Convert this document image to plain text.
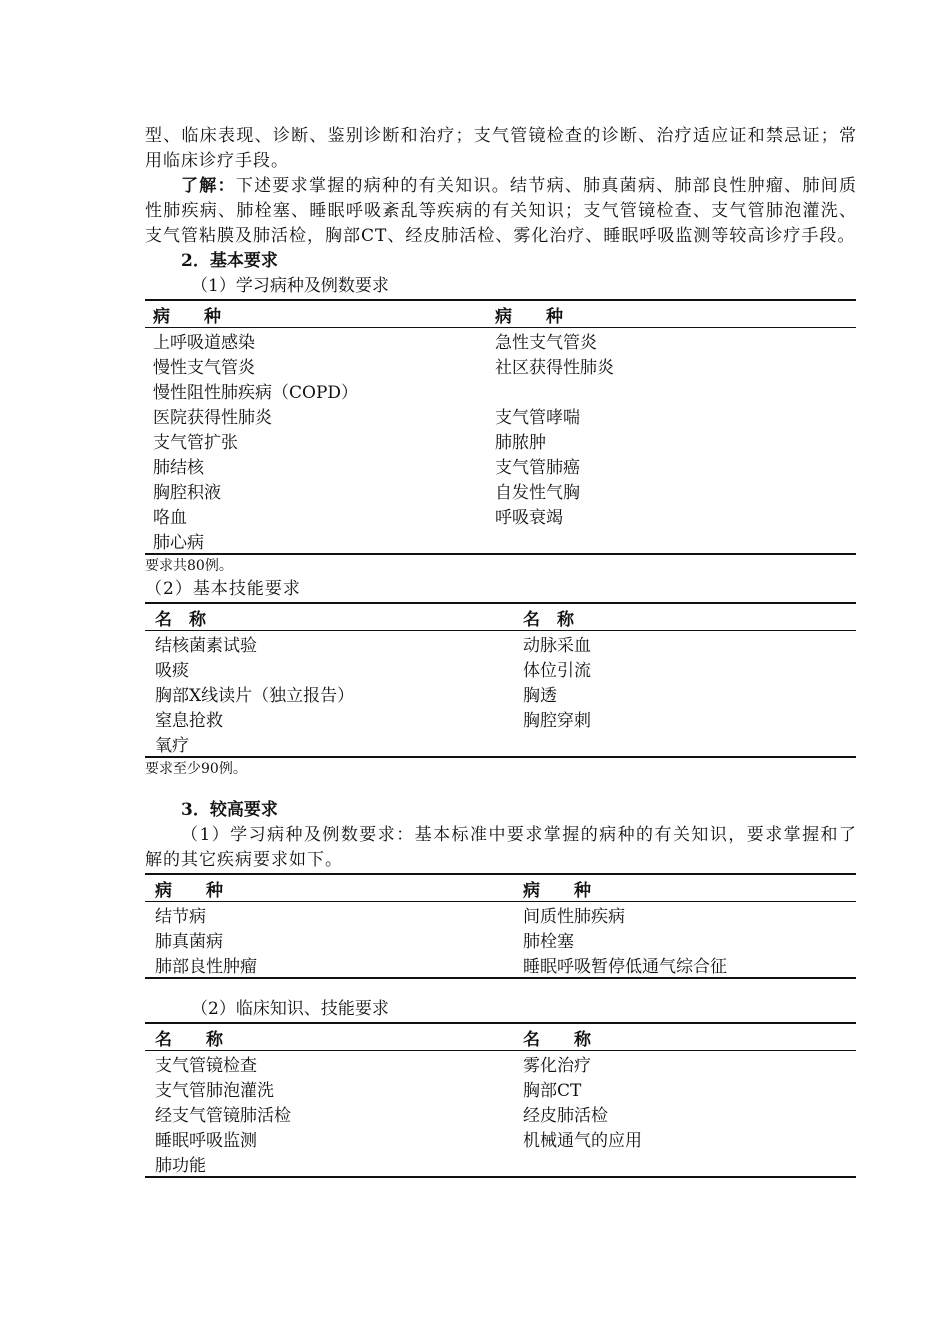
型、临床表现、诊断、鉴别诊断和治疗；支气管镜检查的诊断、治疗适应证和禁忌证；常用临床诊疗手段。

了解：下述要求掌握的病种的有关知识。结节病、肺真菌病、肺部良性肿瘤、肺间质性肺疾病、肺栓塞、睡眠呼吸紊乱等疾病的有关知识；支气管镜检查、支气管肺泡灌洗、支气管粘膜及肺活检，胸部CT、经皮肺活检、雾化治疗、睡眠呼吸监测等较高诊疗手段。

2．基本要求

（1）学习病种及例数要求

病　　种	病　　种
上呼吸道感染	急性支气管炎
慢性支气管炎	社区获得性肺炎
慢性阻性肺疾病（COPD）	
医院获得性肺炎	支气管哮喘
支气管扩张	肺脓肿
肺结核	支气管肺癌
胸腔积液	自发性气胸
咯血	呼吸衰竭
肺心病	

要求共80例。

（2）基本技能要求

名　称	名　称
结核菌素试验	动脉采血
吸痰	体位引流
胸部X线读片（独立报告）	胸透
窒息抢救	胸腔穿刺
氧疗	

要求至少90例。

3．较高要求

（1）学习病种及例数要求：基本标准中要求掌握的病种的有关知识，要求掌握和了解的其它疾病要求如下。

病　　种	病　　种
结节病	间质性肺疾病
肺真菌病	肺栓塞
肺部良性肿瘤	睡眠呼吸暂停低通气综合征

（2）临床知识、技能要求

名　　称	名　　称
支气管镜检查	雾化治疗
支气管肺泡灌洗	胸部CT
经支气管镜肺活检	经皮肺活检
睡眠呼吸监测	机械通气的应用
肺功能	
